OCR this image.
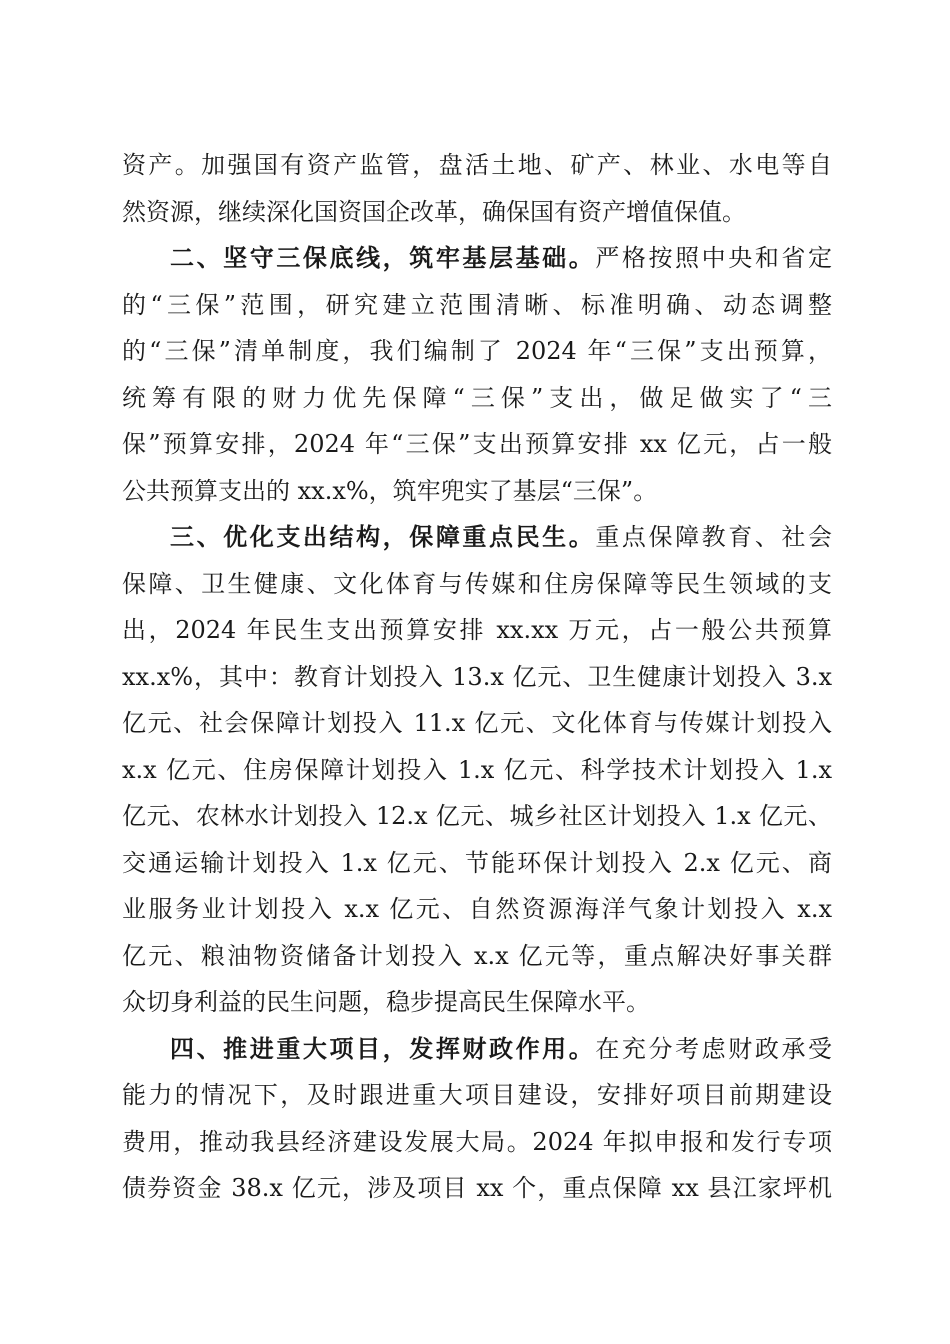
资产。加强国有资产监管，盘活土地、矿产、林业、水电等自
然资源，继续深化国资国企改革，确保国有资产增值保值。
二、坚守三保底线，筑牢基层基础。严格按照中央和省定
的“三保”范围，研究建立范围清晰、标准明确、动态调整
的“三保”清单制度，我们编制了 2024 年“三保”支出预算，
统筹有限的财力优先保障“三保”支出，做足做实了“三
保”预算安排，2024 年“三保”支出预算安排 xx 亿元，占一般
公共预算支出的 xx.x%，筑牢兜实了基层“三保”。
三、优化支出结构，保障重点民生。重点保障教育、社会
保障、卫生健康、文化体育与传媒和住房保障等民生领域的支
出，2024 年民生支出预算安排 xx.xx 万元，占一般公共预算
xx.x%，其中：教育计划投入 13.x 亿元、卫生健康计划投入 3.x
亿元、社会保障计划投入 11.x 亿元、文化体育与传媒计划投入
x.x 亿元、住房保障计划投入 1.x 亿元、科学技术计划投入 1.x
亿元、农林水计划投入 12.x 亿元、城乡社区计划投入 1.x 亿元、
交通运输计划投入 1.x 亿元、节能环保计划投入 2.x 亿元、商
业服务业计划投入 x.x 亿元、自然资源海洋气象计划投入 x.x
亿元、粮油物资储备计划投入 x.x 亿元等，重点解决好事关群
众切身利益的民生问题，稳步提高民生保障水平。
四、推进重大项目，发挥财政作用。在充分考虑财政承受
能力的情况下，及时跟进重大项目建设，安排好项目前期建设
费用，推动我县经济建设发展大局。2024 年拟申报和发行专项
债券资金 38.x 亿元，涉及项目 xx 个，重点保障 xx 县江家坪机
